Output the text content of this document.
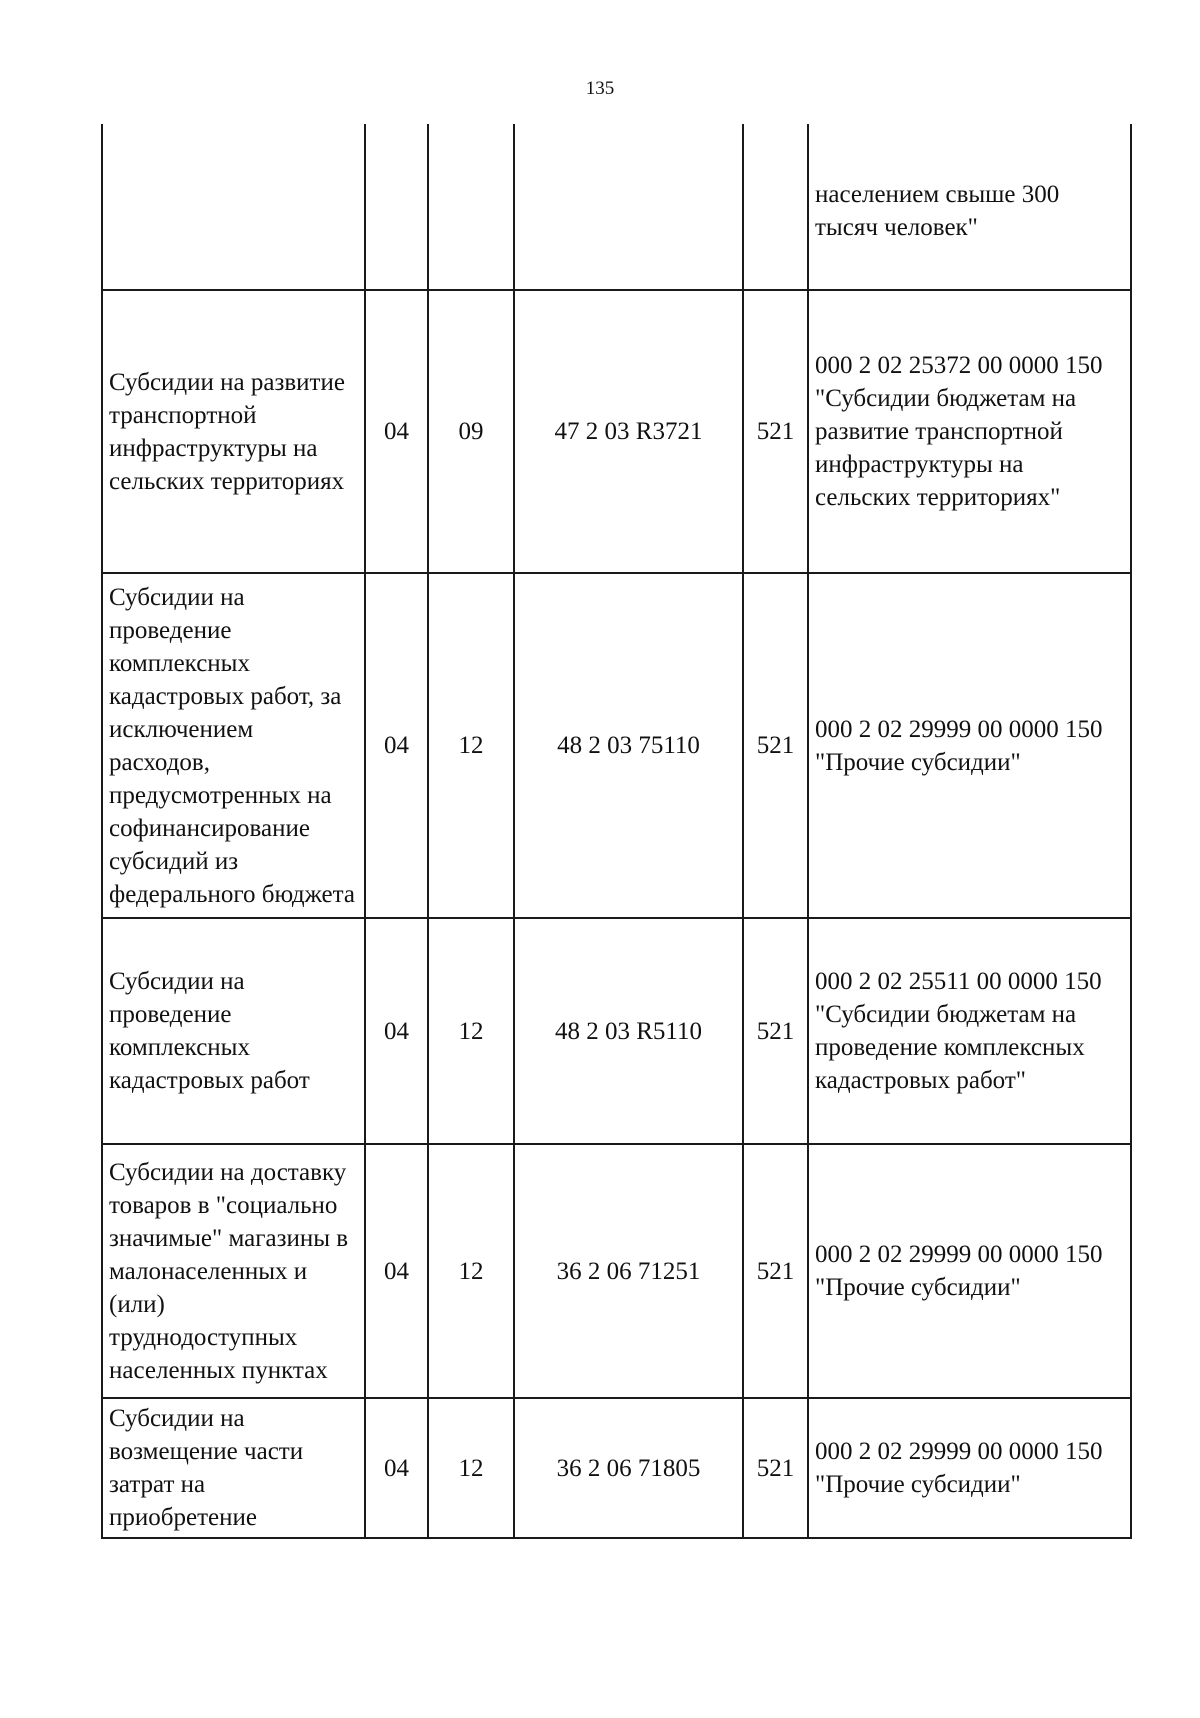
135
					населением свыше 300 тысяч человек"
Субсидии на развитие транспортной инфраструктуры на сельских территориях	04	09	47 2 03 R3721	521	000 2 02 25372 00 0000 150 "Субсидии бюджетам на развитие транспортной инфраструктуры на сельских территориях"
Субсидии на проведение комплексных кадастровых работ, за исключением расходов, предусмотренных на софинансирование субсидий из федерального бюджета	04	12	48 2 03 75110	521	000 2 02 29999 00 0000 150 "Прочие субсидии"
Субсидии на проведение комплексных кадастровых работ	04	12	48 2 03 R5110	521	000 2 02 25511 00 0000 150 "Субсидии бюджетам на проведение комплексных кадастровых работ"
Субсидии на доставку товаров в "социально значимые" магазины в малонаселенных и (или) труднодоступных населенных пунктах	04	12	36 2 06 71251	521	000 2 02 29999 00 0000 150 "Прочие субсидии"
Субсидии на возмещение части затрат на приобретение	04	12	36 2 06 71805	521	000 2 02 29999 00 0000 150 "Прочие субсидии"
